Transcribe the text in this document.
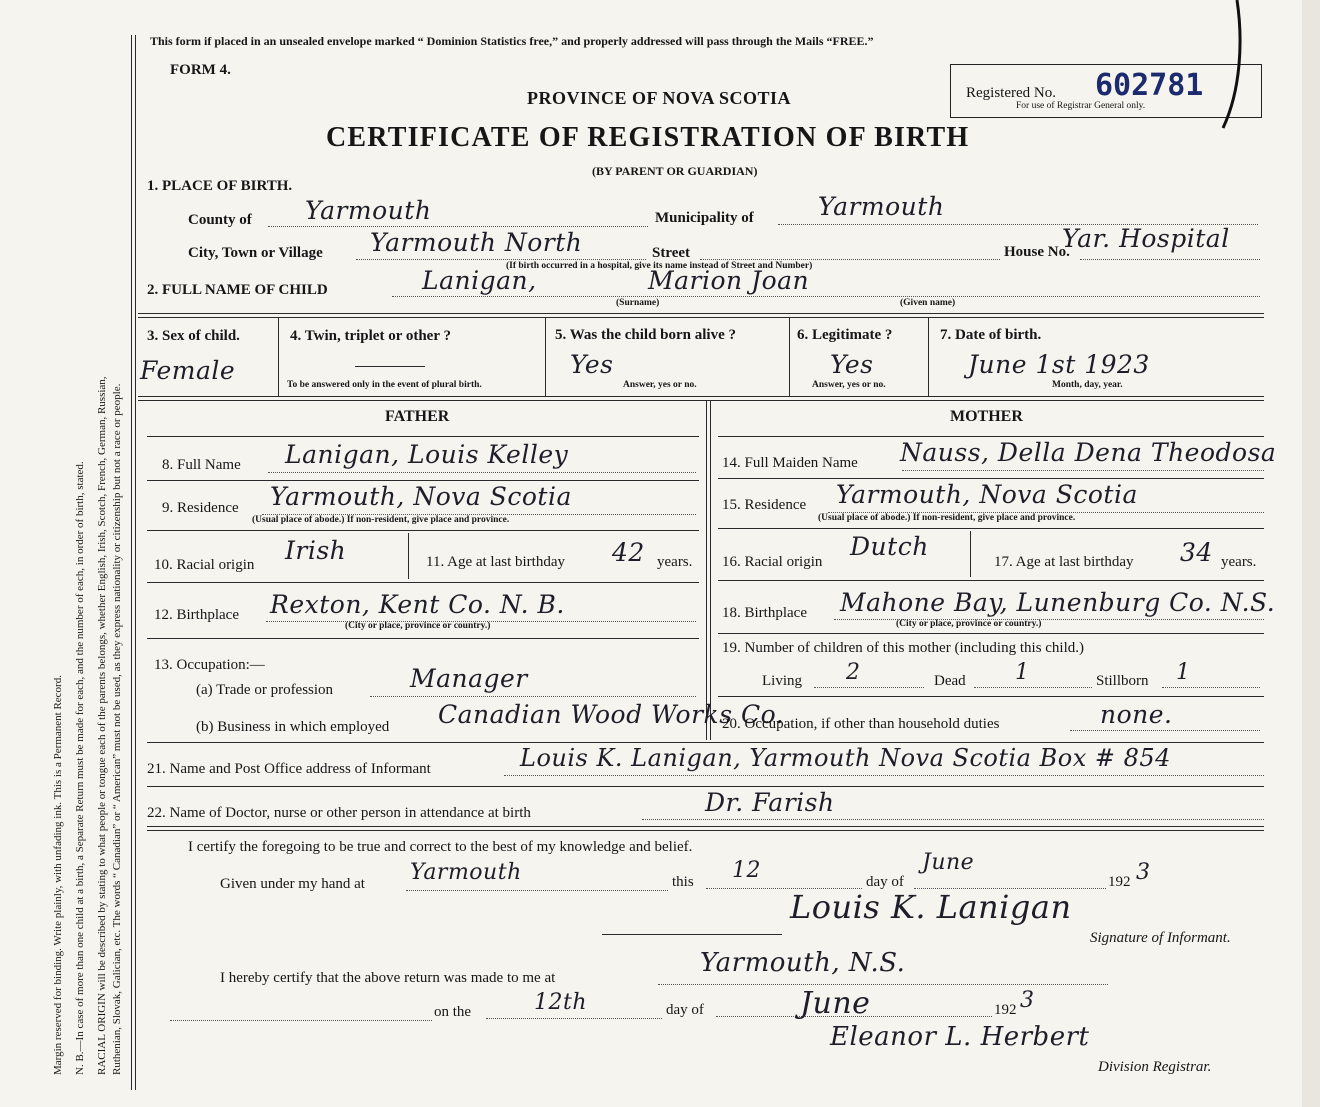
Margin reserved for binding. Write plainly, with unfading ink. This is a Permanent Record. N. B.—In case of more than one child at a birth, a Separate Return must be made for each, and the number of each, in order of birth, stated. RACIAL ORIGIN will be described by stating to what people or tongue each of the parents belongs, whether English, Irish, Scotch, French, German, Russian, Ruthenian, Slovak, Galician, etc. The words “ Canadian” or “ American” must not be used, as they express nationality or citizenship but not a race or people.
This form if placed in an unsealed envelope marked “ Dominion Statistics free,” and properly addressed will pass through the Mails “FREE.”
FORM 4.
PROVINCE OF NOVA SCOTIA
CERTIFICATE OF REGISTRATION OF BIRTH
(BY PARENT OR GUARDIAN)
Registered No. 602781
For use of Registrar General only.
1. PLACE OF BIRTH.
County of Yarmouth	Municipality of	Yarmouth
City, Town or Village Yarmouth North	Street	House No.
Yar. Hospital
(If birth occurred in a hospital, give its name instead of Street and Number)
2. FULL NAME OF CHILD	Lanigan,	Marion Joan
(Surname)	(Given name)
3. Sex of child.
Female
4. Twin, triplet or other ?
To be answered only in the event of plural birth.
5. Was the child born alive ?
Yes
Answer, yes or no.
6. Legitimate ?
Yes
Answer, yes or no.
7. Date of birth.
June 1st 1923
Month, day, year.
FATHER	MOTHER
8. Full Name Lanigan, Louis Kelley
9. Residence Yarmouth, Nova Scotia
(Usual place of abode.) If non-resident, give place and province.
10. Racial origin Irish	11. Age at last birthday 42 years.
12. Birthplace Rexton, Kent Co. N. B.
(City or place, province or country.)
13. Occupation:—
(a) Trade or profession	Manager
(b) Business in which employed Canadian Wood Works Co.
14. Full Maiden Name Nauss, Della Dena Theodosa
15. Residence Yarmouth, Nova Scotia
(Usual place of abode.) If non-resident, give place and province.
16. Racial origin
Dutch
17. Age at last birthday 34 years.
18. Birthplace Mahone Bay, Lunenburg Co. N.S.
(City or place, province or country.)
19. Number of children of this mother (including this child.)
Living 2	Dead 1	Stillborn 1
20. Occupation, if other than household duties	none.
21. Name and Post Office address of Informant	Louis K. Lanigan, Yarmouth Nova Scotia Box # 854
22. Name of Doctor, nurse or other person in attendance at birth	Dr. Farish
I certify the foregoing to be true and correct to the best of my knowledge and belief.
Given under my hand at Yarmouth	this 12	day of
June
192 3
Louis K. Lanigan
Signature of Informant.
I hereby certify that the above return was made to me at	Yarmouth, N.S.
on the	12th	day of	June	192 3
Eleanor L. Herbert
Division Registrar.
